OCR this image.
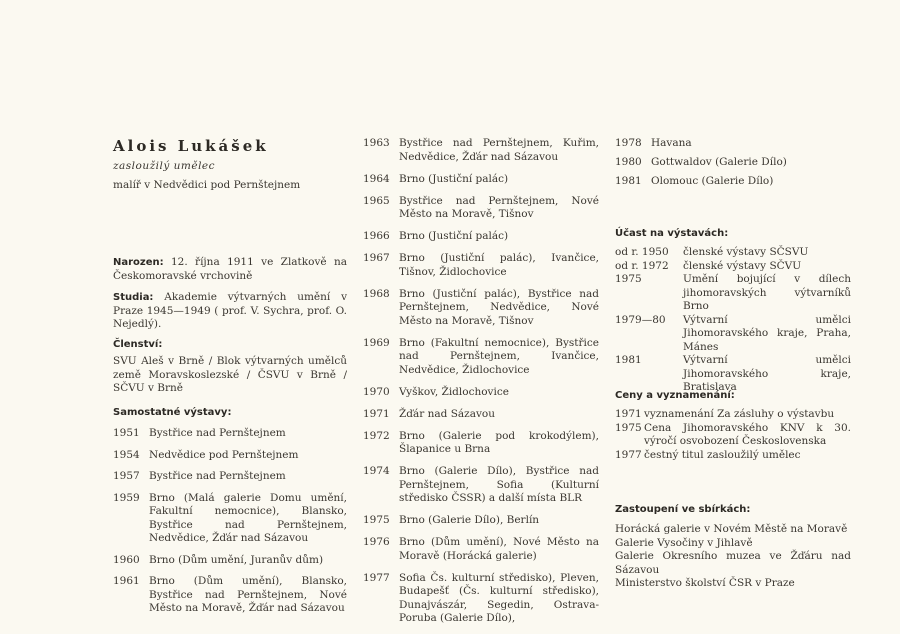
Alois Lukášek
zasloužilý umělec
malíř v Nedvědici pod Pernštejnem
Narozen: 12. října 1911 ve Zlatkově na Českomoravské vrchovině
Studia: Akademie výtvarných umění v Praze 1945—1949 ( prof. V. Sychra, prof. O. Nejedlý).
Členství:
SVU Aleš v Brně / Blok výtvarných umělců země Moravskoslezské / ČSVU v Brně / SČVU v Brně
Samostatné výstavy:
1951 Bystřice nad Pernštejnem
1954 Nedvědice pod Pernštejnem
1957 Bystřice nad Pernštejnem
1959 Brno (Malá galerie Domu umění, Fakultní nemocnice), Blansko, Bystřice nad Pernštejnem, Nedvědice, Žďár nad Sázavou
1960 Brno (Dům umění, Juranův dům)
1961 Brno (Dům umění), Blansko, Bystřice nad Pernštejnem, Nové Město na Moravě, Žďár nad Sázavou
1963 Bystřice nad Pernštejnem, Kuřim, Nedvědice, Žďár nad Sázavou
1964 Brno (Justiční palác)
1965 Bystřice nad Pernštejnem, Nové Město na Moravě, Tišnov
1966 Brno (Justiční palác)
1967 Brno (Justiční palác), Ivančice, Tišnov, Židlochovice
1968 Brno (Justiční palác), Bystřice nad Pernštejnem, Nedvědice, Nové Město na Moravě, Tišnov
1969 Brno (Fakultní nemocnice), Bystřice nad Pernštejnem, Ivančice, Nedvědice, Židlochovice
1970 Vyškov, Židlochovice
1971 Žďár nad Sázavou
1972 Brno (Galerie pod krokodýlem), Šlapanice u Brna
1974 Brno (Galerie Dílo), Bystřice nad Pernštejnem, Sofia (Kulturní středisko ČSSR) a další místa BLR
1975 Brno (Galerie Dílo), Berlín
1976 Brno (Dům umění), Nové Město na Moravě (Horácká galerie)
1977 Sofia Čs. kulturní středisko), Pleven, Budapešť (Čs. kulturní středisko), Dunajvászár, Segedin, Ostrava-Poruba (Galerie Dílo),
1978 Havana
1980 Gottwaldov (Galerie Dílo)
1981 Olomouc (Galerie Dílo)
Účast na výstavách:
od r. 1950	členské výstavy SČSVU
od r. 1972	členské výstavy SČVU
1975	Umění bojující v dílech jihomoravských výtvarníků Brno
1979—80	Výtvarní umělci Jihomoravského kraje, Praha, Mánes
1981	Výtvarní umělci Jihomoravského kraje, Bratislava
Ceny a vyznamenání:
1971 vyznamenání Za zásluhy o výstavbu
1975 Cena Jihomoravského KNV k 30. výročí osvobození Československa
1977 čestný titul zasloužilý umělec
Zastoupení ve sbírkách:
Horácká galerie v Novém Městě na Moravě
Galerie Vysočiny v Jihlavě
Galerie Okresního muzea ve Žďáru nad Sázavou
Ministerstvo školství ČSR v Praze
